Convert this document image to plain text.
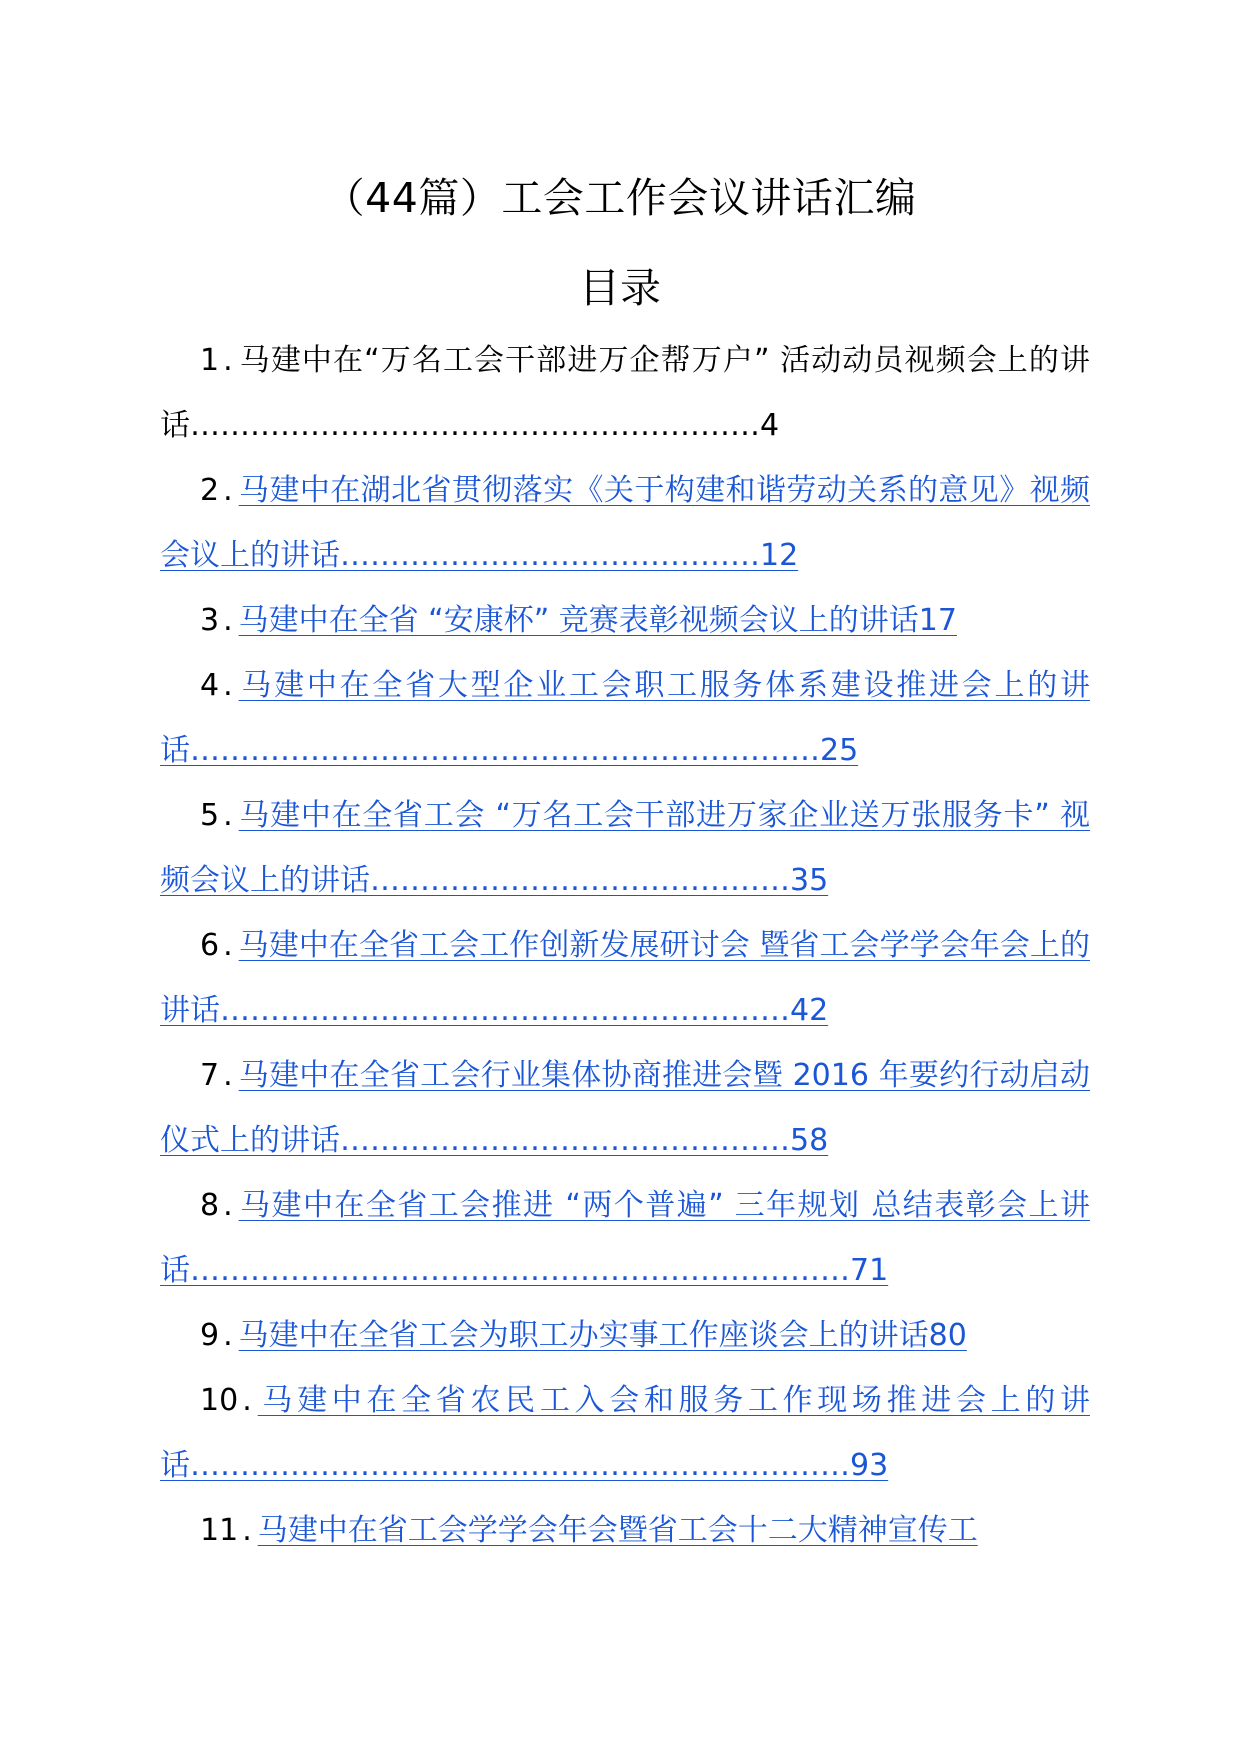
（44篇）工会工作会议讲话汇编
目录
1 . 马建中在“万名工会干部进万企帮万户” 活动动员视频会上的讲话…………………………………………………4
2 . 马建中在湖北省贯彻落实《关于构建和谐劳动关系的意见》视频会议上的讲话……………………………………12
3 . 马建中在全省 “安康杯” 竞赛表彰视频会议上的讲话17
4 . 马建中在全省大型企业工会职工服务体系建设推进会上的讲话………………………………………………………25
5 . 马建中在全省工会 “万名工会干部进万家企业送万张服务卡” 视频会议上的讲话……………………………………35
6 . 马建中在全省工会工作创新发展研讨会 暨省工会学学会年会上的讲话…………………………………………………42
7 . 马建中在全省工会行业集体协商推进会暨 2016 年要约行动启动仪式上的讲话………………………………………58
8 . 马建中在全省工会推进 “两个普遍” 三年规划 总结表彰会上讲话…………………………………………………………71
9 . 马建中在全省工会为职工办实事工作座谈会上的讲话80
10 . 马建中在全省农民工入会和服务工作现场推进会上的讲话…………………………………………………………93
11 . 马建中在省工会学学会年会暨省工会十二大精神宣传工
